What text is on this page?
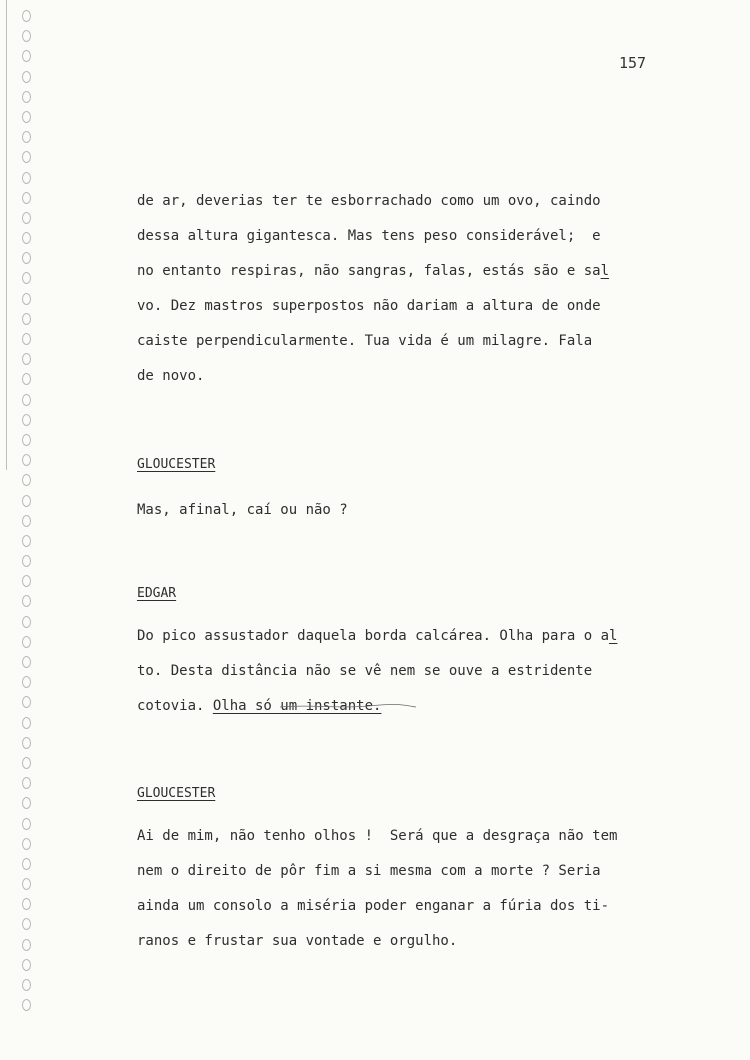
157
de ar, deverias ter te esborrachado como um ovo, caindo
dessa altura gigantesca. Mas tens peso considerável;  e
no entanto respiras, não sangras, falas, estás são e sal
vo. Dez mastros superpostos não dariam a altura de onde
caiste perpendicularmente. Tua vida é um milagre. Fala
de novo.
GLOUCESTER
Mas, afinal, caí ou não ?
EDGAR
Do pico assustador daquela borda calcárea. Olha para o al
to. Desta distância não se vê nem se ouve a estridente
cotovia. Olha só um instante.
GLOUCESTER
Ai de mim, não tenho olhos !  Será que a desgraça não tem
nem o direito de pôr fim a si mesma com a morte ? Seria
ainda um consolo a miséria poder enganar a fúria dos ti-
ranos e frustar sua vontade e orgulho.
